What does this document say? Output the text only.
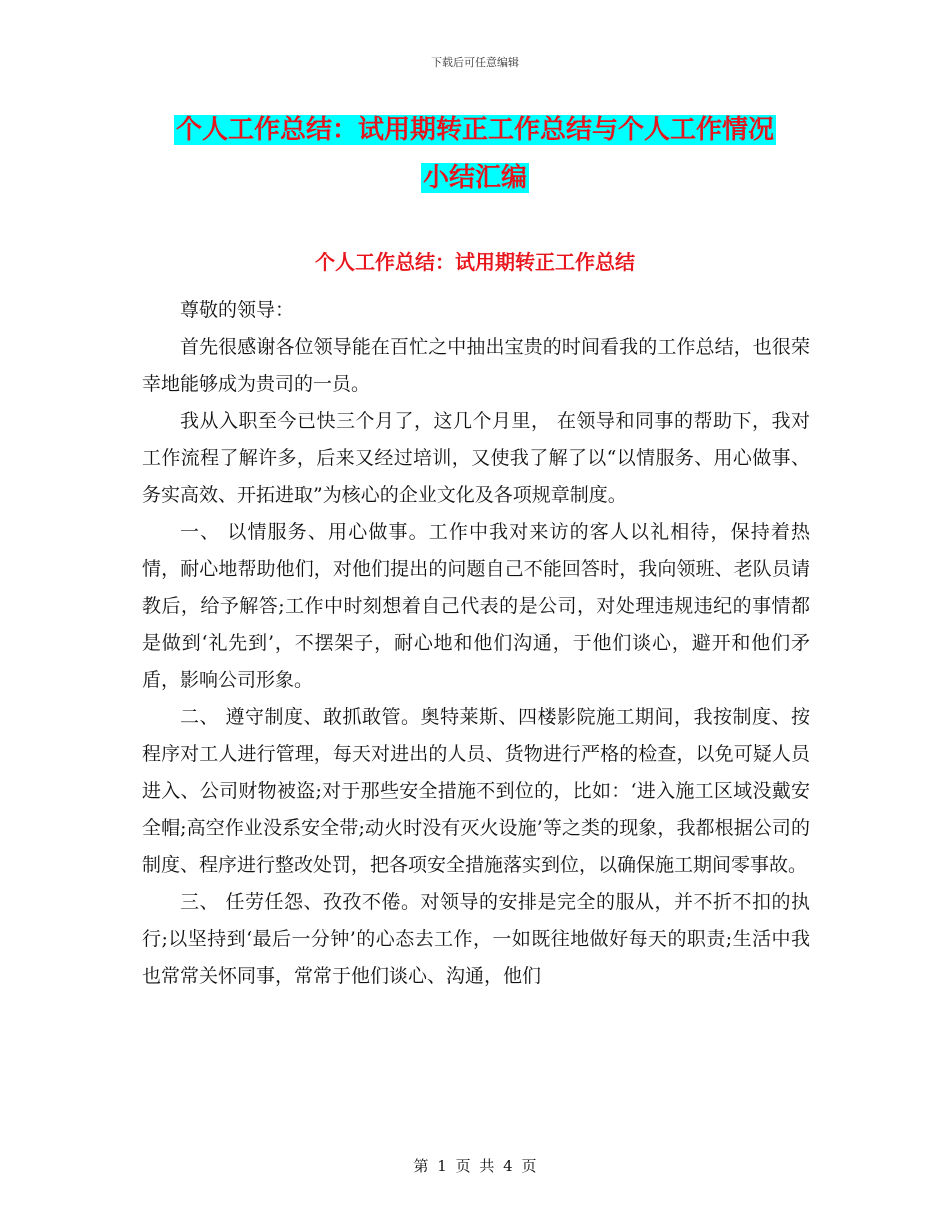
下载后可任意编辑
个人工作总结：试用期转正工作总结与个人工作情况
小结汇编
个人工作总结：试用期转正工作总结

尊敬的领导：

首先很感谢各位领导能在百忙之中抽出宝贵的时间看我的工作总结，也很荣幸地能够成为贵司的一员。

我从入职至今已快三个月了，这几个月里， 在领导和同事的帮助下，我对工作流程了解许多，后来又经过培训，又使我了解了以“以情服务、用心做事、务实高效、开拓进取”为核心的企业文化及各项规章制度。

一、 以情服务、用心做事。工作中我对来访的客人以礼相待，保持着热情，耐心地帮助他们，对他们提出的问题自己不能回答时，我向领班、老队员请教后，给予解答;工作中时刻想着自己代表的是公司，对处理违规违纪的事情都是做到‘礼先到’，不摆架子，耐心地和他们沟通，于他们谈心，避开和他们矛盾，影响公司形象。

二、 遵守制度、敢抓敢管。奥特莱斯、四楼影院施工期间，我按制度、按程序对工人进行管理，每天对进出的人员、货物进行严格的检查，以免可疑人员进入、公司财物被盗;对于那些安全措施不到位的，比如：‘进入施工区域没戴安全帽;高空作业没系安全带;动火时没有灭火设施’等之类的现象，我都根据公司的制度、程序进行整改处罚，把各项安全措施落实到位，以确保施工期间零事故。

三、 任劳任怨、孜孜不倦。对领导的安排是完全的服从，并不折不扣的执行;以坚持到‘最后一分钟’的心态去工作，一如既往地做好每天的职责;生活中我也常常关怀同事，常常于他们谈心、沟通，他们

第 1 页 共 4 页
